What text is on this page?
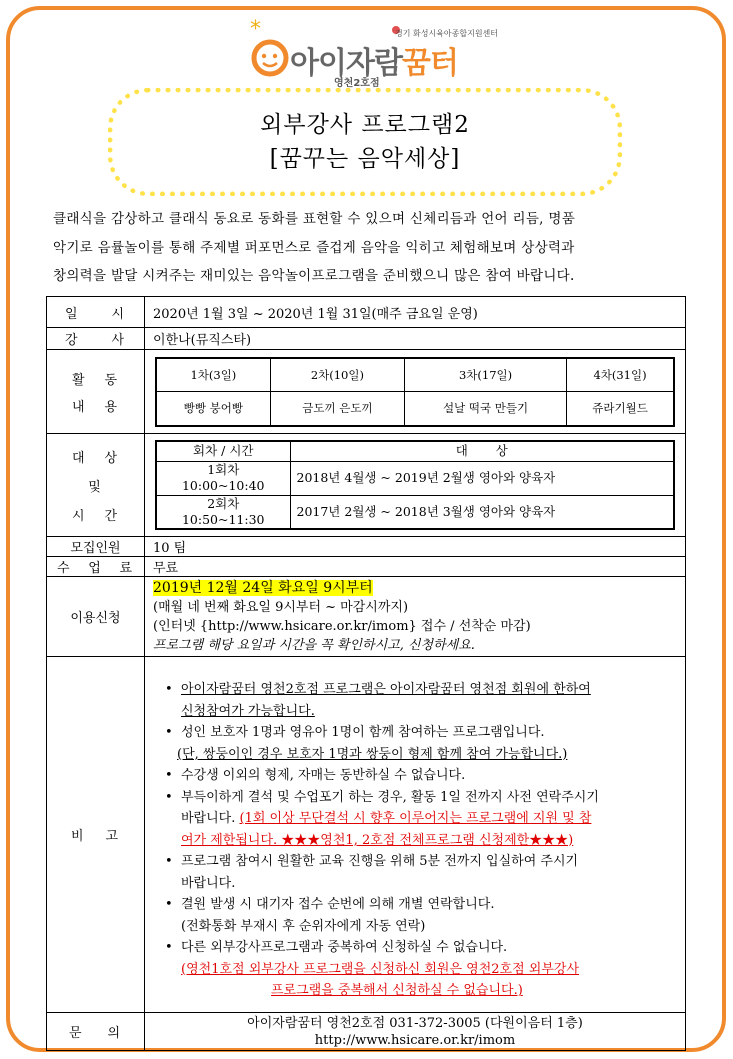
*	경기 화성시육아종합지원센터
아이자람꿈터
영천2호점
외부강사 프로그램2
[꿈꾸는 음악세상]
클래식을 감상하고 클래식 동요로 동화를 표현할 수 있으며 신체리듬과 언어 리듬, 명품
악기로 음률놀이를 통해 주제별 퍼포먼스로 즐겁게 음악을 익히고 체험해보며 상상력과
창의력을 발달 시켜주는 재미있는 음악놀이프로그램을 준비했으니 많은 참여 바랍니다.
일 시	2020년 1월 3일 ~ 2020년 1월 31일(매주 금요일 운영)

강 사	이한나(뮤직스타)

활 동
내 용

1차(3일)	2차(10일)	3차(17일)	4차(31일)
빵빵 붕어빵	금도끼 은도끼	설날 떡국 만들기	쥬라기월드

대 상
및
시 간

회차 / 시간	대       상

1회차
10:00~10:40
	2018년 4월생 ~ 2019년 2월생 영아와 양육자

2회차
10:50~11:30
	2017년 2월생 ~ 2018년 3월생 영아와 양육자

모집인원	10 팀

수 업 료	무료
이용신청	
2019년 12월 24일 화요일 9시부터
(매월 네 번째 화요일 9시부터 ~ 마감시까지)
(인터넷 {http://www.hsicare.or.kr/imom} 접수 / 선착순 마감)
프로그램 해당 요일과 시간을 꼭 확인하시고, 신청하세요.

비 고

• 아이자람꿈터 영천2호점 프로그램은 아이자람꿈터 영천점 회원에 한하여
신청참여가 가능합니다.
• 성인 보호자 1명과 영유아 1명이 함께 참여하는 프로그램입니다.
(단, 쌍둥이인 경우 보호자 1명과 쌍둥이 형제 함께 참여 가능합니다.)
• 수강생 이외의 형제, 자매는 동반하실 수 없습니다.
• 부득이하게 결석 및 수업포기 하는 경우, 활동 1일 전까지 사전 연락주시기
바랍니다. (1회 이상 무단결석 시 향후 이루어지는 프로그램에 지원 및 참
여가 제한됩니다. ★★★영천1, 2호점 전체프로그램 신청제한★★★)
• 프로그램 참여시 원활한 교육 진행을 위해 5분 전까지 입실하여 주시기
바랍니다.
• 결원 발생 시 대기자 접수 순번에 의해 개별 연락합니다.
(전화통화 부재시 후 순위자에게 자동 연락)
• 다른 외부강사프로그램과 중복하여 신청하실 수 없습니다.
(영천1호점 외부강사 프로그램을 신청하신 회원은 영천2호점 외부강사
프로그램을 중복해서 신청하실 수 없습니다.)

문 의

아이자람꿈터 영천2호점 031-372-3005 (다원이음터 1층)
http://www.hsicare.or.kr/imom
